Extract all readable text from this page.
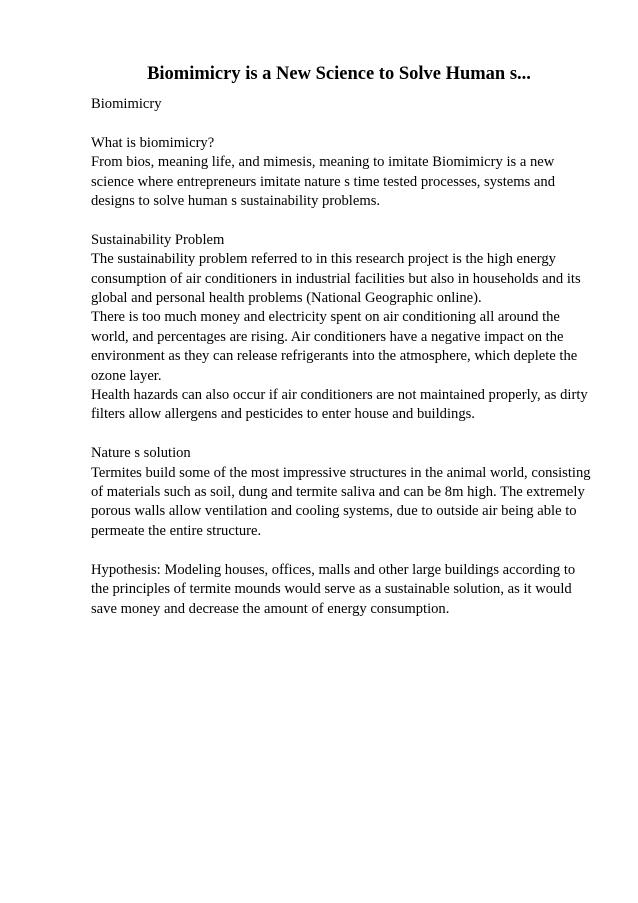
Biomimicry is a New Science to Solve Human s...

Biomimicry

What is biomimicry?

From bios, meaning life, and mimesis, meaning to imitate Biomimicry is a new

science where entrepreneurs imitate nature s time tested processes, systems and

designs to solve human s sustainability problems.

Sustainability Problem

The sustainability problem referred to in this research project is the high energy

consumption of air conditioners in industrial facilities but also in households and its

global and personal health problems (National Geographic online).

There is too much money and electricity spent on air conditioning all around the

world, and percentages are rising. Air conditioners have a negative impact on the

environment as they can release refrigerants into the atmosphere, which deplete the

ozone layer.

Health hazards can also occur if air conditioners are not maintained properly, as dirty

filters allow allergens and pesticides to enter house and buildings.

Nature s solution

Termites build some of the most impressive structures in the animal world, consisting

of materials such as soil, dung and termite saliva and can be 8m high. The extremely

porous walls allow ventilation and cooling systems, due to outside air being able to

permeate the entire structure.

Hypothesis: Modeling houses, offices, malls and other large buildings according to

the principles of termite mounds would serve as a sustainable solution, as it would

save money and decrease the amount of energy consumption.
